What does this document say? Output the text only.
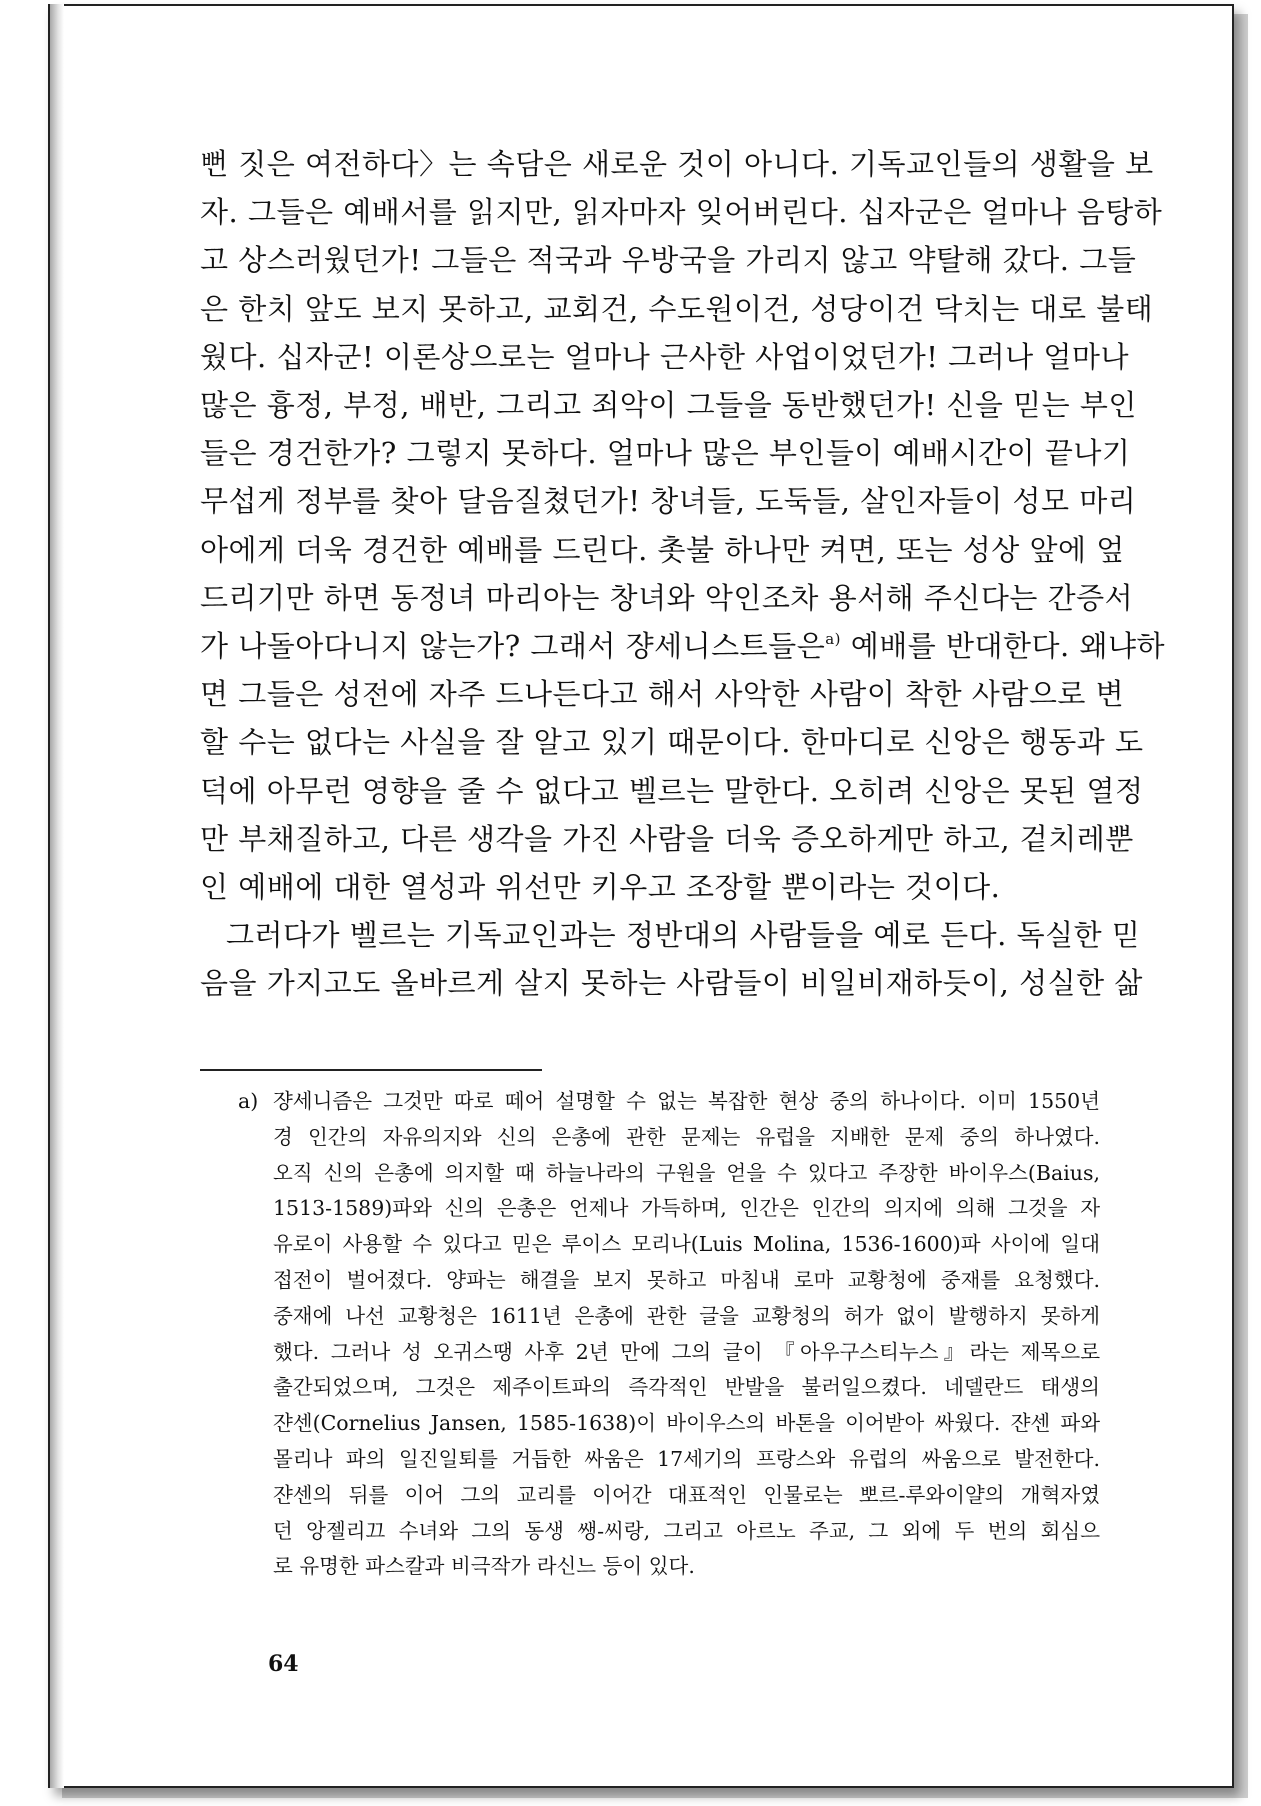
뻔 짓은 여전하다〉는 속담은 새로운 것이 아니다. 기독교인들의 생활을 보
자. 그들은 예배서를 읽지만, 읽자마자 잊어버린다. 십자군은 얼마나 음탕하
고 상스러웠던가! 그들은 적국과 우방국을 가리지 않고 약탈해 갔다. 그들
은 한치 앞도 보지 못하고, 교회건, 수도원이건, 성당이건 닥치는 대로 불태
웠다. 십자군! 이론상으로는 얼마나 근사한 사업이었던가! 그러나 얼마나
많은 흉정, 부정, 배반, 그리고 죄악이 그들을 동반했던가! 신을 믿는 부인
들은 경건한가? 그렇지 못하다. 얼마나 많은 부인들이 예배시간이 끝나기
무섭게 정부를 찾아 달음질쳤던가! 창녀들, 도둑들, 살인자들이 성모 마리
아에게 더욱 경건한 예배를 드린다. 촛불 하나만 켜면, 또는 성상 앞에 엎
드리기만 하면 동정녀 마리아는 창녀와 악인조차 용서해 주신다는 간증서
가 나돌아다니지 않는가? 그래서 쟝세니스트들은$^{a)}$ 예배를 반대한다. 왜냐하
면 그들은 성전에 자주 드나든다고 해서 사악한 사람이 착한 사람으로 변
할 수는 없다는 사실을 잘 알고 있기 때문이다. 한마디로 신앙은 행동과 도
덕에 아무런 영향을 줄 수 없다고 벨르는 말한다. 오히려 신앙은 못된 열정
만 부채질하고, 다른 생각을 가진 사람을 더욱 증오하게만 하고, 겉치레뿐
인 예배에 대한 열성과 위선만 키우고 조장할 뿐이라는 것이다.
그러다가 벨르는 기독교인과는 정반대의 사람들을 예로 든다. 독실한 믿
음을 가지고도 올바르게 살지 못하는 사람들이 비일비재하듯이, 성실한 삶
a) 쟝세니즘은 그것만 따로 떼어 설명할 수 없는 복잡한 현상 중의 하나이다. 이미 1550년
경 인간의 자유의지와 신의 은총에 관한 문제는 유럽을 지배한 문제 중의 하나였다.
오직 신의 은총에 의지할 때 하늘나라의 구원을 얻을 수 있다고 주장한 바이우스(Baius,
1513-1589)파와 신의 은총은 언제나 가득하며, 인간은 인간의 의지에 의해 그것을 자
유로이 사용할 수 있다고 믿은 루이스 모리나(Luis Molina, 1536-1600)파 사이에 일대
접전이 벌어졌다. 양파는 해결을 보지 못하고 마침내 로마 교황청에 중재를 요청했다.
중재에 나선 교황청은 1611년 은총에 관한 글을 교황청의 허가 없이 발행하지 못하게
했다. 그러나 성 오귀스땡 사후 2년 만에 그의 글이 『아우구스티누스』라는 제목으로
출간되었으며, 그것은 제주이트파의 즉각적인 반발을 불러일으켰다. 네델란드 태생의
쟌센(Cornelius Jansen, 1585-1638)이 바이우스의 바톤을 이어받아 싸웠다. 쟌센 파와
몰리나 파의 일진일퇴를 거듭한 싸움은 17세기의 프랑스와 유럽의 싸움으로 발전한다.
쟌센의 뒤를 이어 그의 교리를 이어간 대표적인 인물로는 뽀르-루와이얄의 개혁자였
던 앙젤리끄 수녀와 그의 동생 쌩-씨랑, 그리고 아르노 주교, 그 외에 두 번의 회심으
로 유명한 파스칼과 비극작가 라신느 등이 있다.
64
